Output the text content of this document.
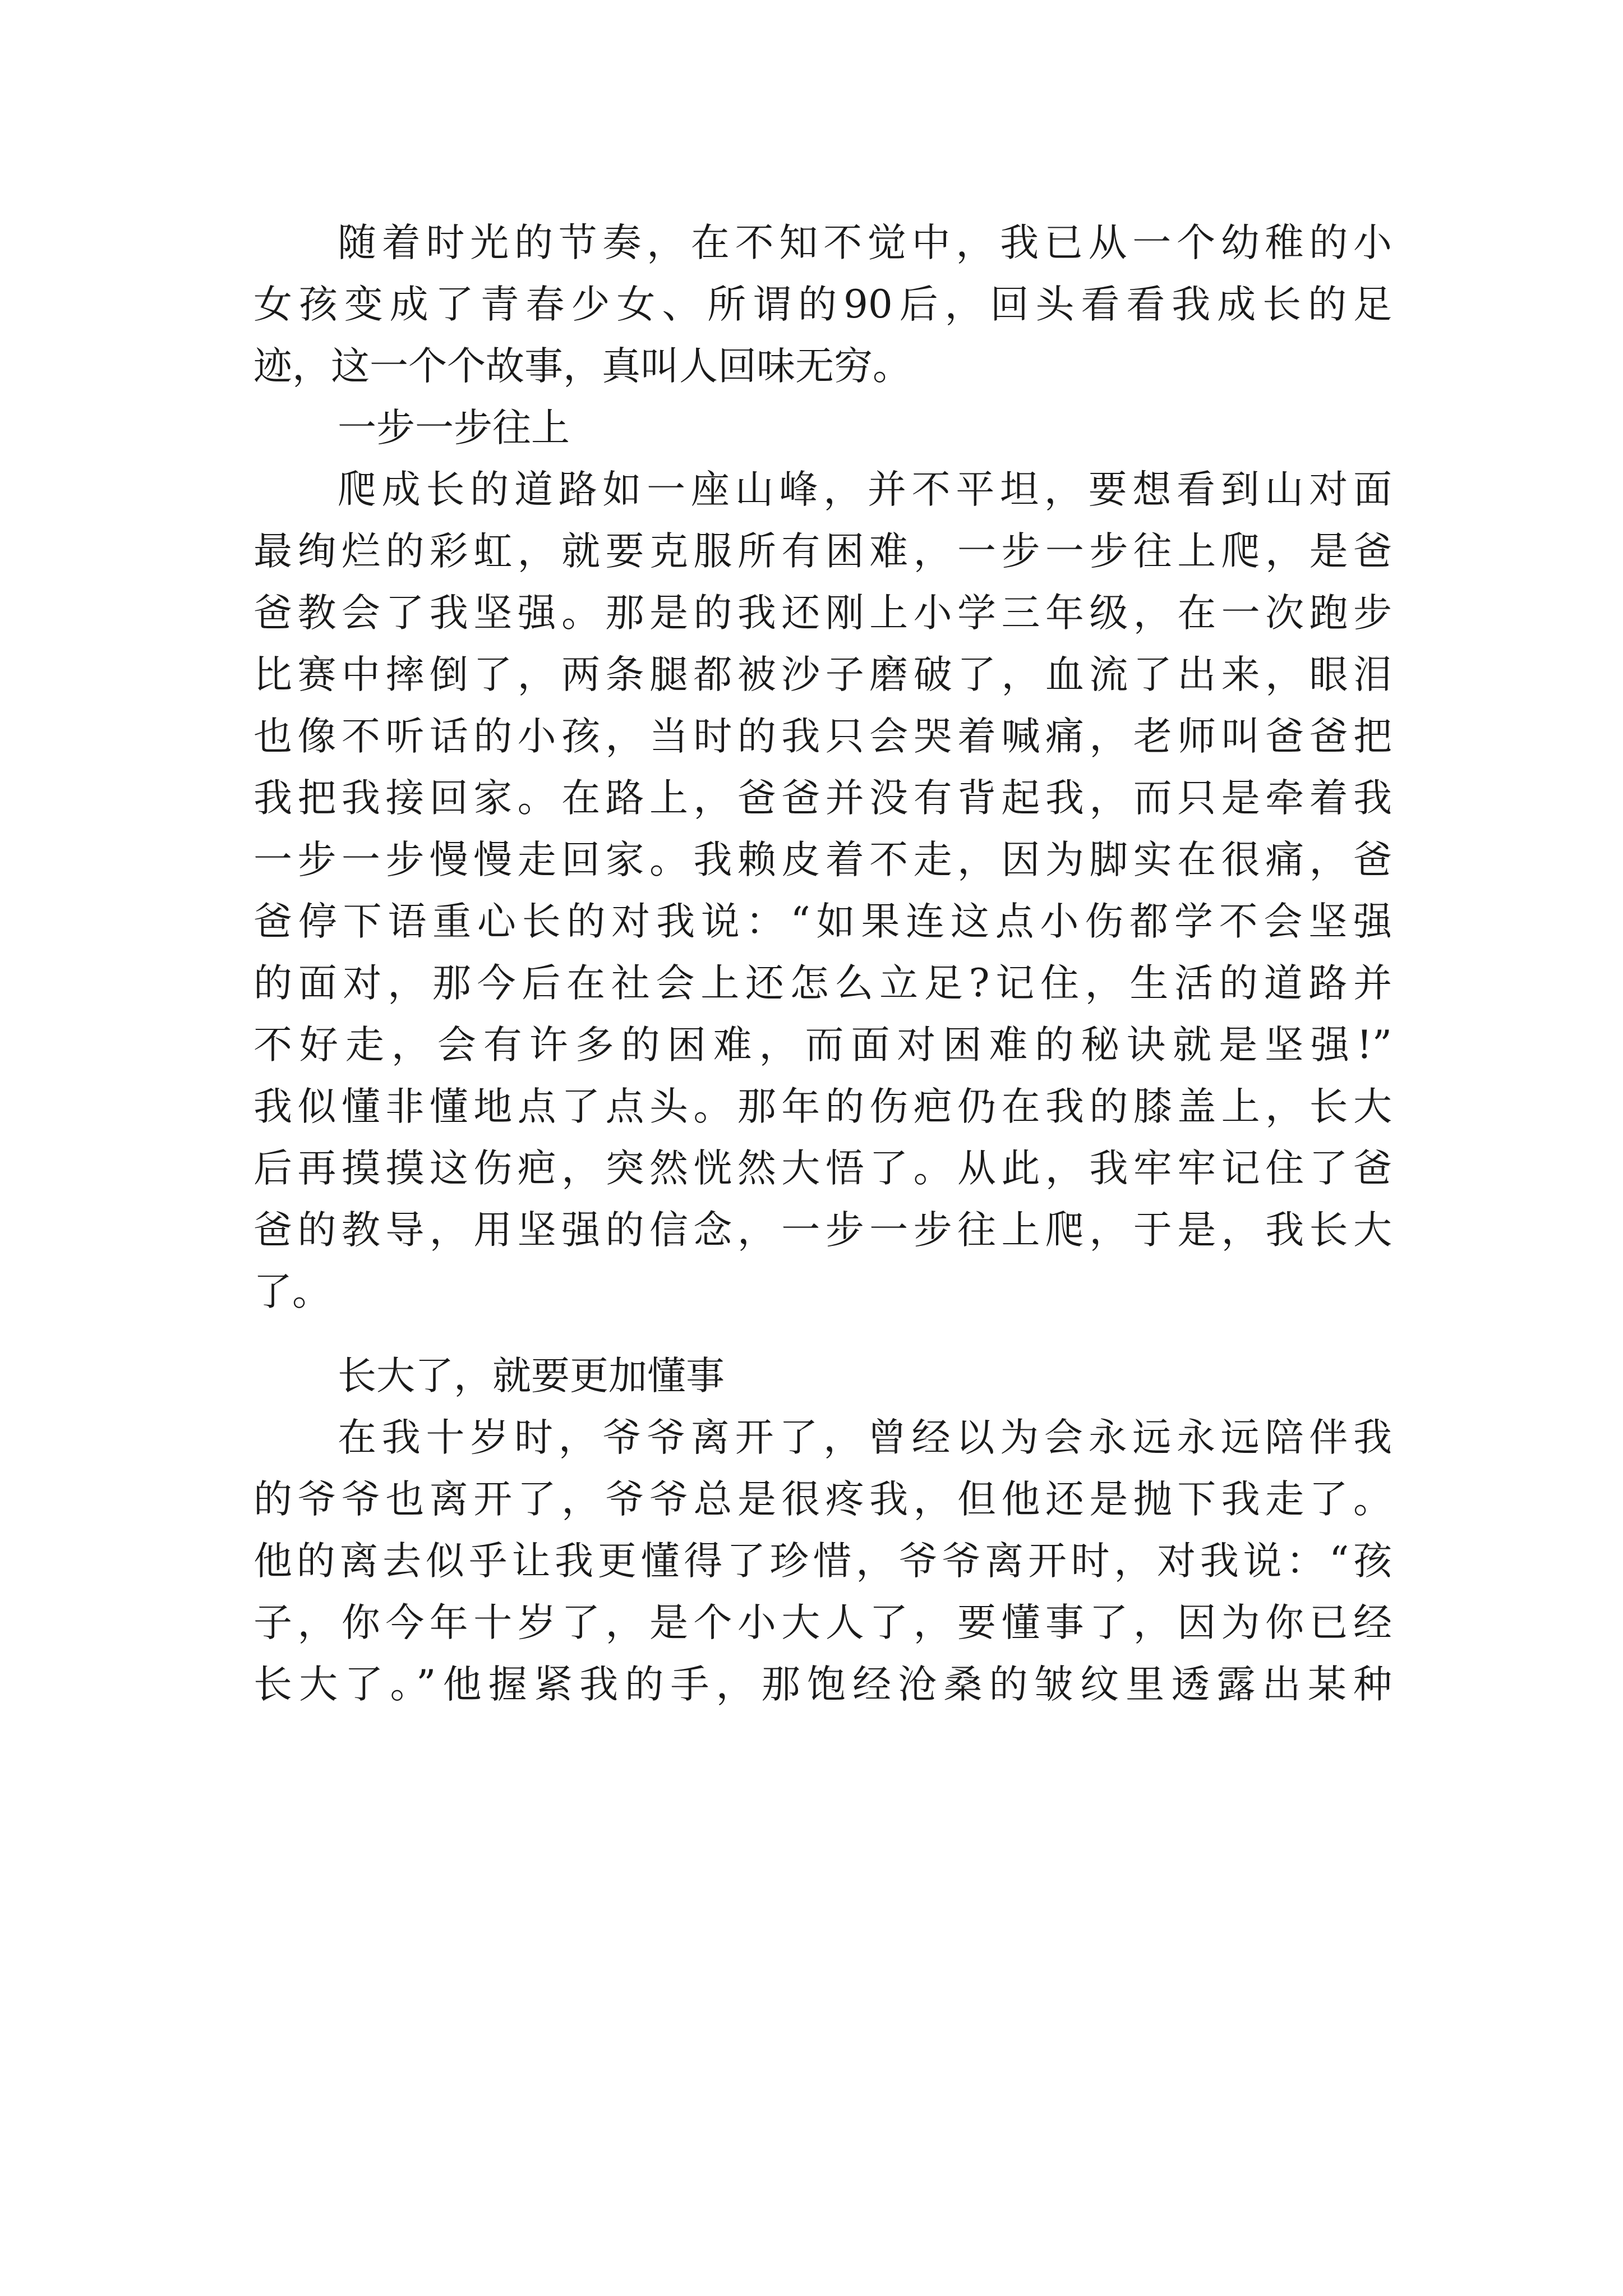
随着时光的节奏，在不知不觉中，我已从一个幼稚的小
女孩变成了青春少女、所谓的90后，回头看看我成长的足
迹，这一个个故事，真叫人回味无穷。
一步一步往上
爬成长的道路如一座山峰，并不平坦，要想看到山对面
最绚烂的彩虹，就要克服所有困难，一步一步往上爬，是爸
爸教会了我坚强。那是的我还刚上小学三年级，在一次跑步
比赛中摔倒了，两条腿都被沙子磨破了，血流了出来，眼泪
也像不听话的小孩，当时的我只会哭着喊痛，老师叫爸爸把
我把我接回家。在路上，爸爸并没有背起我，而只是牵着我
一步一步慢慢走回家。我赖皮着不走，因为脚实在很痛，爸
爸停下语重心长的对我说：“如果连这点小伤都学不会坚强
的面对，那今后在社会上还怎么立足?记住，生活的道路并
不好走，会有许多的困难，而面对困难的秘诀就是坚强!”
我似懂非懂地点了点头。那年的伤疤仍在我的膝盖上，长大
后再摸摸这伤疤，突然恍然大悟了。从此，我牢牢记住了爸
爸的教导，用坚强的信念，一步一步往上爬，于是，我长大
了。
长大了，就要更加懂事
在我十岁时，爷爷离开了，曾经以为会永远永远陪伴我
的爷爷也离开了，爷爷总是很疼我，但他还是抛下我走了。
他的离去似乎让我更懂得了珍惜，爷爷离开时，对我说：“孩
子，你今年十岁了，是个小大人了，要懂事了，因为你已经
长大了。”他握紧我的手，那饱经沧桑的皱纹里透露出某种
